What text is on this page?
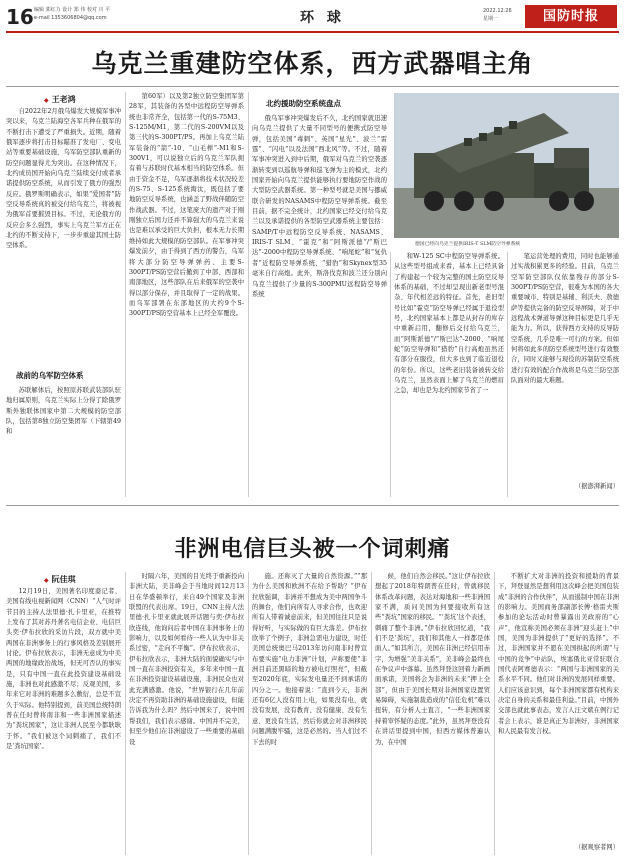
16 编辑 郭红力 设计 郑 伟 校对 川 平
e-mail 1353606804@qq.com	环 球	2022.12.26
星期一	国防时报
乌克兰重建防空体系，西方武器唱主角
◆ 王老鸿

自2022年2月俄乌爆发大规模军事冲突以来，乌克兰陆海空各军兵种在俄军的不断打击下遭受了严重损失。近期，随着俄军逐步将打击目标瞄准了发电厂、变电站等重要基础设施，乌军防空部队重新的防空问题显得尤为突出。在这种情况下，北约成员国开始向乌克兰陆续交付或者承诺提供防空系统，从而引发了俄方的强烈反应。俄罗斯明确表示，如果“爱国者”防空反导系统真的被交付给乌克兰，将被视为俄军首要摧毁目标。不过，无论俄方的反应会多么强烈，事实上乌克兰军方正在北约的不断支持下，一步步重建其国土防空体系。

战前的乌军防空体系

苏联解体后，按照原苏联武装部队驻地归属原则，乌克兰实际上分得了除俄罗斯外独联体国家中第二大规模的防空部队，包括第8独立防空集团军（下辖第49和

第60军）以及第2独立防空集团军第28军，其装备的各型中远程防空导弹系统也非常齐全，包括第一代的S-75M3、S-125M/M1，第二代的S-200VM以及第三代的S-300PT/PS。再加上乌克兰陆军装备的“箭”-10、“山毛榉”-M1和S-300V1，可以说独立后的乌克兰军队拥有着与苏联时代基本相当的防空体系。但由于资金不足，乌军逐渐将技术状况较差的S-75、S-125系统淘汰，既包括了要地防空反导系统，也涵盖了野战伴随防空作战武器。不过，这笔庞大的遗产对于刚刚独立后国力还并不算强大的乌克兰来说也是难以承受的巨大负担，根本无力长期维持如此大规模的防空部队。在军事冲突爆发前夕，由于得到了西方的警告，乌军将大部分防空导弹弹药、主要S-300PT/PS防空营后撤到了中部、西部和南部地区，这些部队在后来俄军的空袭中得以部分保存，并且取得了一定的战果。而乌军部署在东部地区的大约9个S-300PT/PS防空营基本上已经全军覆没。

北约援助防空系统盘点
德国已经向乌克兰提供IRIS-T SLM防空导弹系统

俄乌军事冲突爆发后不久，北约国家就迅速向乌克兰提供了大量不同型号的便携式防空导弹，包括美国“毒刺”、英国“星光”、波兰“雷霆”、“闪电”以及法国“西北风”等。不过，随着军事冲突进入到中后期，俄军对乌克兰的空袭逐渐转变到以巡航导弹和巡飞弹为主的模式，北约国家开始向乌克兰提供能够执行要地防空作战的大型防空武器系统。第一种型号就是美国与挪威联合研发的NASAMS中程防空导弹系统。截至目前，据不完全统计，北约国家已经交付给乌克兰以及承诺提供的各型防空武器系统主要包括：SAMP/T中远程防空反导系统、NASAMS、IRIS-T SLM、“霍克”和“阿斯派德”/“斯巴达”-2000中程防空导弹系统、“响尾蛇”和“复仇者”近程防空导弹系统、“猎豹”和Skynex型35毫米自行高炮。此外，斯洛伐克和波兰还分别向乌克兰提供了少量的S-300PMU远程防空导弹系统

和W-125 SC中程防空导弹系统。从这些型号组成来看，基本上已经具备了构建起一个较为完整的国土防空反导体系的基础，不过却呈现出新老型号混杂、年代相差远的特征。首先，老旧型号比如“霍克”防空导弹已经属于退役型号，北约国家基本上都是从封存的库存中重新启用，翻修后交付给乌克兰，而“阿斯派德”/“斯巴达”-2000、“响尾蛇”防空导弹和“猎豹”自行高炮虽然还有部分在服役，但大多也到了临近退役的年份。所以，这些老旧装备被转交给乌克兰，虽然表面上解了乌克兰的燃眉之急，却也是为北约国家节省了一

笔运营处理的费用，同时也能够通过实战积累更多的经验。目前，乌克兰空军防空部队仅依靠残存的部分S-300PT/PS防空营，很难为本国的各大重要城市、特别是基辅、利沃夫、敖德萨等提供完备的防空反导屏障，对于中远程战术弹道导弹这种目标更是几乎无能为力。所以，获得西方支持的反导防空系统，几乎是唯一可行的方案。但如何将如此多的防空系统型号进行有效整合，同时又能够与现役的苏制防空系统进行有效的配合作战将是乌克兰防空部队面对的最大难题。

（据澎湃新闻）
非洲电信巨头被一个词刺痛
◆ 阮佳琪

12月19日，美国著名印度裔记者、美国有线电视新闻网（CNN）“人气时评节目的主持人法里德·扎卡里亚，在推特上发布了其对苏丹著名电信企业、电信巨头奕·伊布拉欣的采访片段，双方就中美两国在非洲事务上的行事风格及差别展开讨论。伊布拉欣表示，非洲无意成为中美两国的地缘政治战场，但无可否认的事实是，只有中国一直在此投资建设基础设施，非洲也对此感激不尽；反观美国，多年来它对非洲的难题多么敷衍，总是不宣久于实际。他特别提到，前美国总统特朗普在任时曾将南非和一些非洲国家描述为“粪坑国家”，这让非洲人民至今都耿耿于怀。“我们被这个词刺痛了，我们不是‘粪坑国家’。

时隔六年，美国的目光终于重新投向非洲大陆，美非峰会于当地时间12月13日在华盛顿举行，来自49个国家及非洲联盟的代表出席。19日，CNN主持人法里德·扎卡里亚就此展开话题与奕·伊布拉欣连线，他询问后者中国在非洲事务上的影响力，以及如何看待一些人认为中非关系过密，“走向不平衡”。伊布拉欣表示，伊布拉欣表示，非洲大陆的面貌确实与中国一直在非洲投资有关，多年来中国一直在非洲投资建设基础设施，非洲民众也对此充满感激。他说，“世界银行在几年前决定不再资助非洲的基础设施建设，但能告诉我为什么吗？然后中国来了，说中国帮我们，我们表示感谢。中国并不完美，但至少他们在非洲建设了一些重要的基础设

施。还称灭了大量的自然资源。”“那为什么美国和欧洲不在给予帮助？”伊布拉欣强调，非洲并不想成为美中两国争斗的舞台，他们向所有人寻求合作，也欢迎所有人带着诚意前来，但美国往往只是说得好听，与实际做的有巨大落差。伊布拉欣举了个例子，非洲急需电力建设，时任美国总统奥巴马2013年访问南非时曾宣布要实施“电力非洲”计划，声称要使“非洲目前还黑暗的地方被电灯照亮”，但截至2020年底，实际发电量还不到承诺的四分之一。他接着说：“直到今天，非洲还有6亿人没有用上电，如果没有电，就没有发展，没有教育、没有健康、没有生意、更没有生活，然后你就会对非洲移民问题满腹牢骚，这是必然的。当人们过不下去的时

候，他们自然会移民。”这让伊布拉欣想起了2018年特朗普在任时，曾就移民体系改革问题，表达对海地和一些非洲国家不满，质问美国为何要接收所有这些“粪坑”国家的移民。“‘粪坑’这个表述，刺痛了整个非洲。”伊布拉欣回忆道，“我们不是‘粪坑’，我们和其他人一样都是体面人。”如其所言，美国在非洲已经信用赤字，为增强“美非关系”，美非峰会最终也在争议声中落幕。虽然拜登这回着力新画面承诺，美国将会为非洲的未来“押上全部”，但由于美国长期对非洲国家设置贸易障碍，实施制裁造成的“信任危机”难以扭转，有分析人士直言，“一些非洲国家持着审怀疑的态度。”此外，虽然拜登没有在讲话里提到中国，但西方媒体普遍认为，在中国

不断扩大对非洲的投资和援助的背景下，拜登显然是想利用这次峰会把美国包装成“非洲的合作伙伴”，从而遏制中国在非洲的影响力。美国商务部副部长傅·格雷夫斯参加的论坛活动时曾暴露出美政府的“心声”，他宣称美国必须在非洲“迎头赶上”中国，美国为非洲提供了“更好的选择”。不过，非洲国家并不愿在美国拱起的所谓“与中国的竞争”中站队，埃塞俄比亚常驻联合国代表阿赛德表示：“两国与非洲国家的关系水平不同。他们对非洲的发展同样重要。人们应该意识到，每个非洲国家都有机构来决定自身的关系和最佳利益。”目前，中国外交部也就此事表态，发言人汪文斌在例行记者会上表示，谁是真正为非洲好，非洲国家和人民最有发言权。

（据观察者网）
